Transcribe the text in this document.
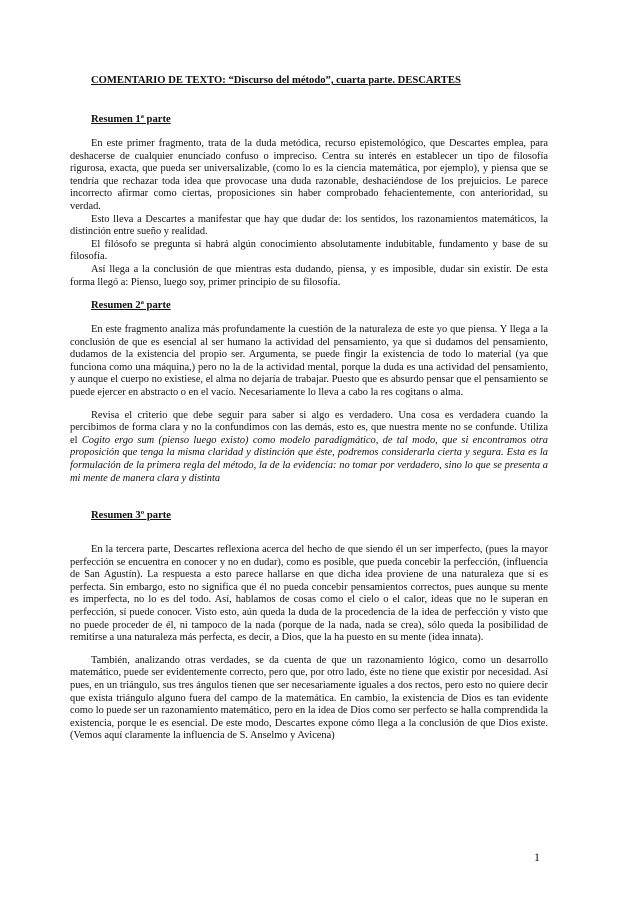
COMENTARIO DE TEXTO: “Discurso del método”, cuarta parte. DESCARTES
Resumen 1ª parte

En este primer fragmento, trata de la duda metódica, recurso epistemológico, que Descartes emplea, para deshacerse de cualquier enunciado confuso o impreciso. Centra su interés en establecer un tipo de filosofía rigurosa, exacta, que pueda ser universalizable, (como lo es la ciencia matemática, por ejemplo), y piensa que se tendría que rechazar toda idea que provocase una duda razonable, deshaciéndose de los prejuicios. Le parece incorrecto afirmar como ciertas, proposiciones sin haber comprobado fehacientemente, con anterioridad, su verdad.

Esto lleva a Descartes a manifestar que hay que dudar de: los sentidos, los razonamientos matemáticos, la distinción entre sueño y realidad.

El filósofo se pregunta si habrá algún conocimiento absolutamente indubitable, fundamento y base de su filosofía.

Así llega a la conclusión de que mientras esta dudando, piensa, y es imposible, dudar sin existir. De esta forma llegó a: Pienso, luego soy, primer principio de su filosofía.

Resumen 2ª parte

En este fragmento analiza más profundamente la cuestión de la naturaleza de este yo que piensa. Y llega a la conclusión de que es esencial al ser humano la actividad del pensamiento, ya que si dudamos del pensamiento, dudamos de la existencia del propio ser. Argumenta, se puede fingir la existencia de todo lo material (ya que funciona como una máquina,) pero no la de la actividad mental, porque la duda es una actividad del pensamiento, y aunque el cuerpo no existiese, el alma no dejaría de trabajar. Puesto que es absurdo pensar que el pensamiento se puede ejercer en abstracto o en el vacío. Necesariamente lo lleva a cabo la res cogitans o alma.

Revisa el criterio que debe seguir para saber si algo es verdadero. Una cosa es verdadera cuando la percibimos de forma clara y no la confundimos con las demás, esto es, que nuestra mente no se confunde. Utiliza el Cogito ergo sum (pienso luego existo) como modelo paradigmático, de tal modo, que si encontramos otra proposición que tenga la misma claridad y distinción que éste, podremos considerarla cierta y segura. Esta es la formulación de la primera regla del método, la de la evidencia: no tomar por verdadero, sino lo que se presenta a mi mente de manera clara y distinta

Resumen 3º parte

En la tercera parte, Descartes reflexiona acerca del hecho de que siendo él un ser imperfecto, (pues la mayor perfección se encuentra en conocer y no en dudar), como es posible, que pueda concebir la perfección, (influencia de San Agustín). La respuesta a esto parece hallarse en que dicha idea proviene de una naturaleza que sí es perfecta. Sin embargo, esto no significa que él no pueda concebir pensamientos correctos, pues aunque su mente es imperfecta, no lo es del todo. Así, hablamos de cosas como el cielo o el calor, ideas que no le superan en perfección, sí puede conocer. Visto esto, aún queda la duda de la procedencia de la idea de perfección y visto que no puede proceder de él, ni tampoco de la nada (porque de la nada, nada se crea), sólo queda la posibilidad de remitirse a una naturaleza más perfecta, es decir, a Dios, que la ha puesto en su mente (idea innata).

También, analizando otras verdades, se da cuenta de que un razonamiento lógico, como un desarrollo matemático, puede ser evidentemente correcto, pero que, por otro lado, éste no tiene que existir por necesidad. Así pues, en un triángulo, sus tres ángulos tienen que ser necesariamente iguales a dos rectos, pero esto no quiere decir que exista triángulo alguno fuera del campo de la matemática. En cambio, la existencia de Dios es tan evidente como lo puede ser un razonamiento matemático, pero en la idea de Dios como ser perfecto se halla comprendida la existencia, porque le es esencial. De este modo, Descartes expone cómo llega a la conclusión de que Dios existe. (Vemos aquí claramente la influencia de S. Anselmo y Avicena)

1
